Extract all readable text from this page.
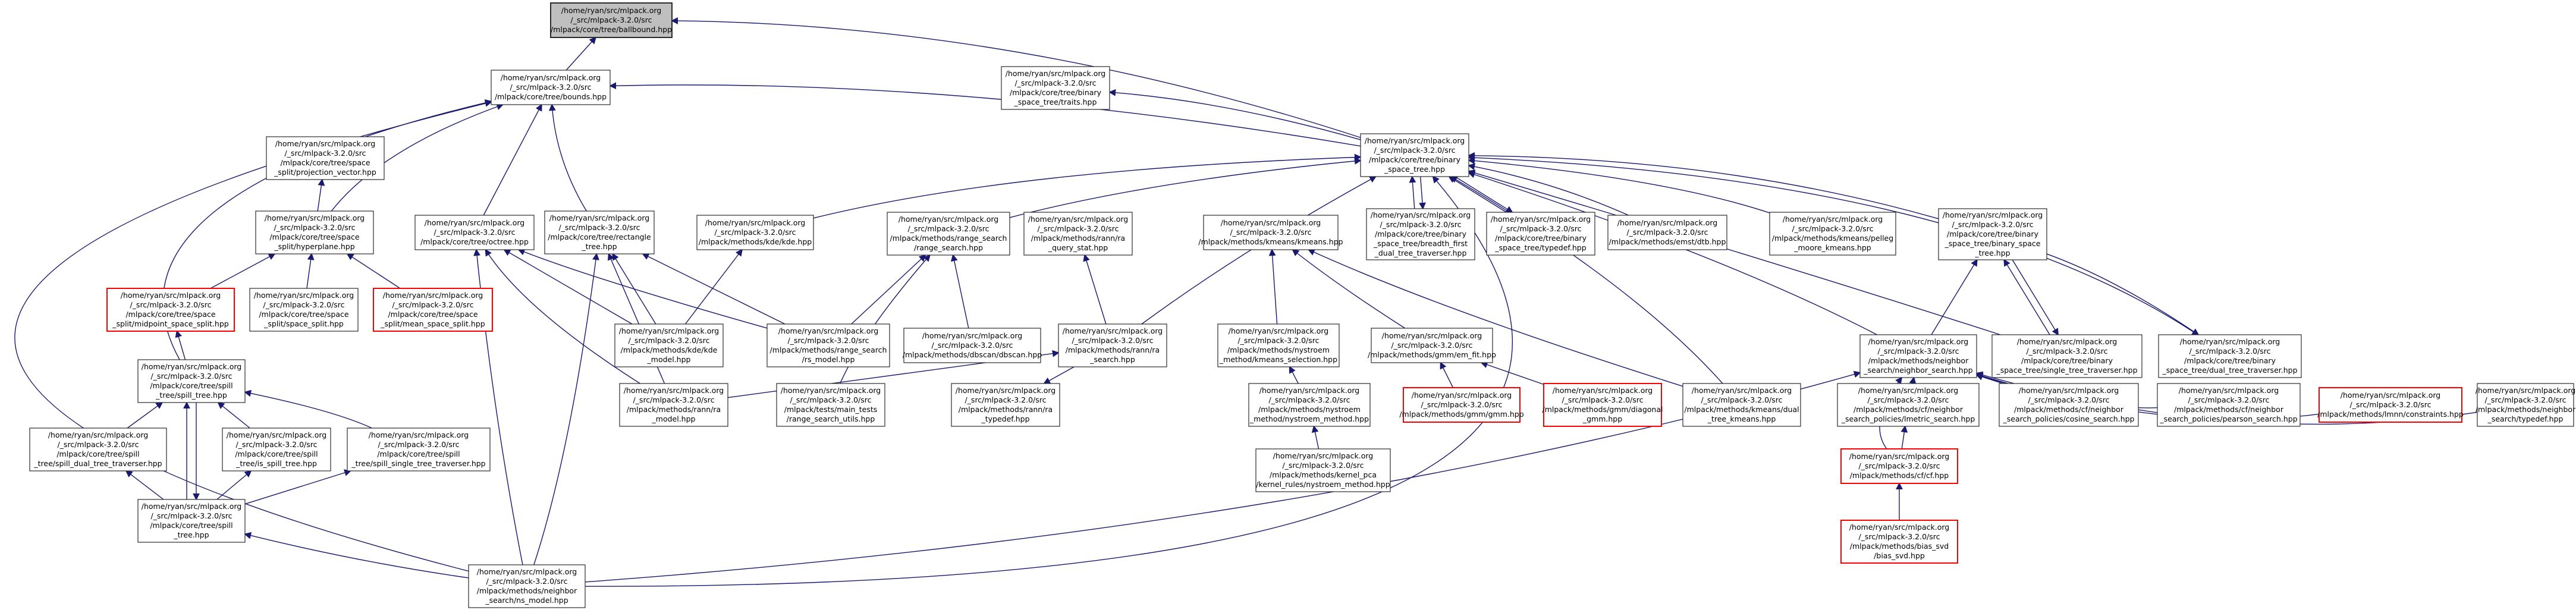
/home/ryan/src/mlpack.org /_src/mlpack-3.2.0/src /mlpack/core/tree/ballbound.hpp
/home/ryan/src/mlpack.org /_src/mlpack-3.2.0/src /mlpack/core/tree/bounds.hpp
/home/ryan/src/mlpack.org /_src/mlpack-3.2.0/src /mlpack/core/tree/binary _space_tree/traits.hpp
/home/ryan/src/mlpack.org /_src/mlpack-3.2.0/src /mlpack/core/tree/space _split/projection_vector.hpp
/home/ryan/src/mlpack.org /_src/mlpack-3.2.0/src /mlpack/core/tree/binary _space_tree.hpp
/home/ryan/src/mlpack.org /_src/mlpack-3.2.0/src /mlpack/core/tree/space _split/hyperplane.hpp
/home/ryan/src/mlpack.org /_src/mlpack-3.2.0/src /mlpack/core/tree/octree.hpp
/home/ryan/src/mlpack.org /_src/mlpack-3.2.0/src /mlpack/core/tree/rectangle _tree.hpp
/home/ryan/src/mlpack.org /_src/mlpack-3.2.0/src /mlpack/methods/kde/kde.hpp
/home/ryan/src/mlpack.org /_src/mlpack-3.2.0/src /mlpack/methods/range_search /range_search.hpp
/home/ryan/src/mlpack.org /_src/mlpack-3.2.0/src /mlpack/methods/rann/ra _query_stat.hpp
/home/ryan/src/mlpack.org /_src/mlpack-3.2.0/src /mlpack/methods/kmeans/kmeans.hpp
/home/ryan/src/mlpack.org /_src/mlpack-3.2.0/src /mlpack/core/tree/binary _space_tree/breadth_first _dual_tree_traverser.hpp
/home/ryan/src/mlpack.org /_src/mlpack-3.2.0/src /mlpack/core/tree/binary _space_tree/typedef.hpp
/home/ryan/src/mlpack.org /_src/mlpack-3.2.0/src /mlpack/methods/emst/dtb.hpp
/home/ryan/src/mlpack.org /_src/mlpack-3.2.0/src /mlpack/methods/kmeans/pelleg _moore_kmeans.hpp
/home/ryan/src/mlpack.org /_src/mlpack-3.2.0/src /mlpack/core/tree/binary _space_tree/binary_space _tree.hpp
/home/ryan/src/mlpack.org /_src/mlpack-3.2.0/src /mlpack/core/tree/space _split/midpoint_space_split.hpp
/home/ryan/src/mlpack.org /_src/mlpack-3.2.0/src /mlpack/core/tree/space _split/space_split.hpp
/home/ryan/src/mlpack.org /_src/mlpack-3.2.0/src /mlpack/core/tree/space _split/mean_space_split.hpp
/home/ryan/src/mlpack.org /_src/mlpack-3.2.0/src /mlpack/methods/kde/kde _model.hpp
/home/ryan/src/mlpack.org /_src/mlpack-3.2.0/src /mlpack/methods/range_search /rs_model.hpp
/home/ryan/src/mlpack.org /_src/mlpack-3.2.0/src /mlpack/methods/dbscan/dbscan.hpp
/home/ryan/src/mlpack.org /_src/mlpack-3.2.0/src /mlpack/methods/rann/ra _search.hpp
/home/ryan/src/mlpack.org /_src/mlpack-3.2.0/src /mlpack/methods/nystroem _method/kmeans_selection.hpp
/home/ryan/src/mlpack.org /_src/mlpack-3.2.0/src /mlpack/methods/gmm/em_fit.hpp
/home/ryan/src/mlpack.org /_src/mlpack-3.2.0/src /mlpack/methods/neighbor _search/neighbor_search.hpp
/home/ryan/src/mlpack.org /_src/mlpack-3.2.0/src /mlpack/core/tree/binary _space_tree/single_tree_traverser.hpp
/home/ryan/src/mlpack.org /_src/mlpack-3.2.0/src /mlpack/core/tree/binary _space_tree/dual_tree_traverser.hpp
/home/ryan/src/mlpack.org /_src/mlpack-3.2.0/src /mlpack/core/tree/spill _tree/spill_tree.hpp
/home/ryan/src/mlpack.org /_src/mlpack-3.2.0/src /mlpack/methods/rann/ra _model.hpp
/home/ryan/src/mlpack.org /_src/mlpack-3.2.0/src /mlpack/tests/main_tests /range_search_utils.hpp
/home/ryan/src/mlpack.org /_src/mlpack-3.2.0/src /mlpack/methods/rann/ra _typedef.hpp
/home/ryan/src/mlpack.org /_src/mlpack-3.2.0/src /mlpack/methods/nystroem _method/nystroem_method.hpp
/home/ryan/src/mlpack.org /_src/mlpack-3.2.0/src /mlpack/methods/gmm/gmm.hpp
/home/ryan/src/mlpack.org /_src/mlpack-3.2.0/src /mlpack/methods/gmm/diagonal _gmm.hpp
/home/ryan/src/mlpack.org /_src/mlpack-3.2.0/src /mlpack/methods/kmeans/dual _tree_kmeans.hpp
/home/ryan/src/mlpack.org /_src/mlpack-3.2.0/src /mlpack/methods/cf/neighbor _search_policies/lmetric_search.hpp
/home/ryan/src/mlpack.org /_src/mlpack-3.2.0/src /mlpack/methods/cf/neighbor _search_policies/cosine_search.hpp
/home/ryan/src/mlpack.org /_src/mlpack-3.2.0/src /mlpack/methods/cf/neighbor _search_policies/pearson_search.hpp
/home/ryan/src/mlpack.org /_src/mlpack-3.2.0/src /mlpack/methods/lmnn/constraints.hpp
/home/ryan/src/mlpack.org /_src/mlpack-3.2.0/src /mlpack/methods/neighbor _search/typedef.hpp
/home/ryan/src/mlpack.org /_src/mlpack-3.2.0/src /mlpack/core/tree/spill _tree/spill_dual_tree_traverser.hpp
/home/ryan/src/mlpack.org /_src/mlpack-3.2.0/src /mlpack/core/tree/spill _tree/is_spill_tree.hpp
/home/ryan/src/mlpack.org /_src/mlpack-3.2.0/src /mlpack/core/tree/spill _tree/spill_single_tree_traverser.hpp
/home/ryan/src/mlpack.org /_src/mlpack-3.2.0/src /mlpack/methods/kernel_pca /kernel_rules/nystroem_method.hpp
/home/ryan/src/mlpack.org /_src/mlpack-3.2.0/src /mlpack/methods/cf/cf.hpp
/home/ryan/src/mlpack.org /_src/mlpack-3.2.0/src /mlpack/core/tree/spill _tree.hpp
/home/ryan/src/mlpack.org /_src/mlpack-3.2.0/src /mlpack/methods/bias_svd /bias_svd.hpp
/home/ryan/src/mlpack.org /_src/mlpack-3.2.0/src /mlpack/methods/neighbor _search/ns_model.hpp
